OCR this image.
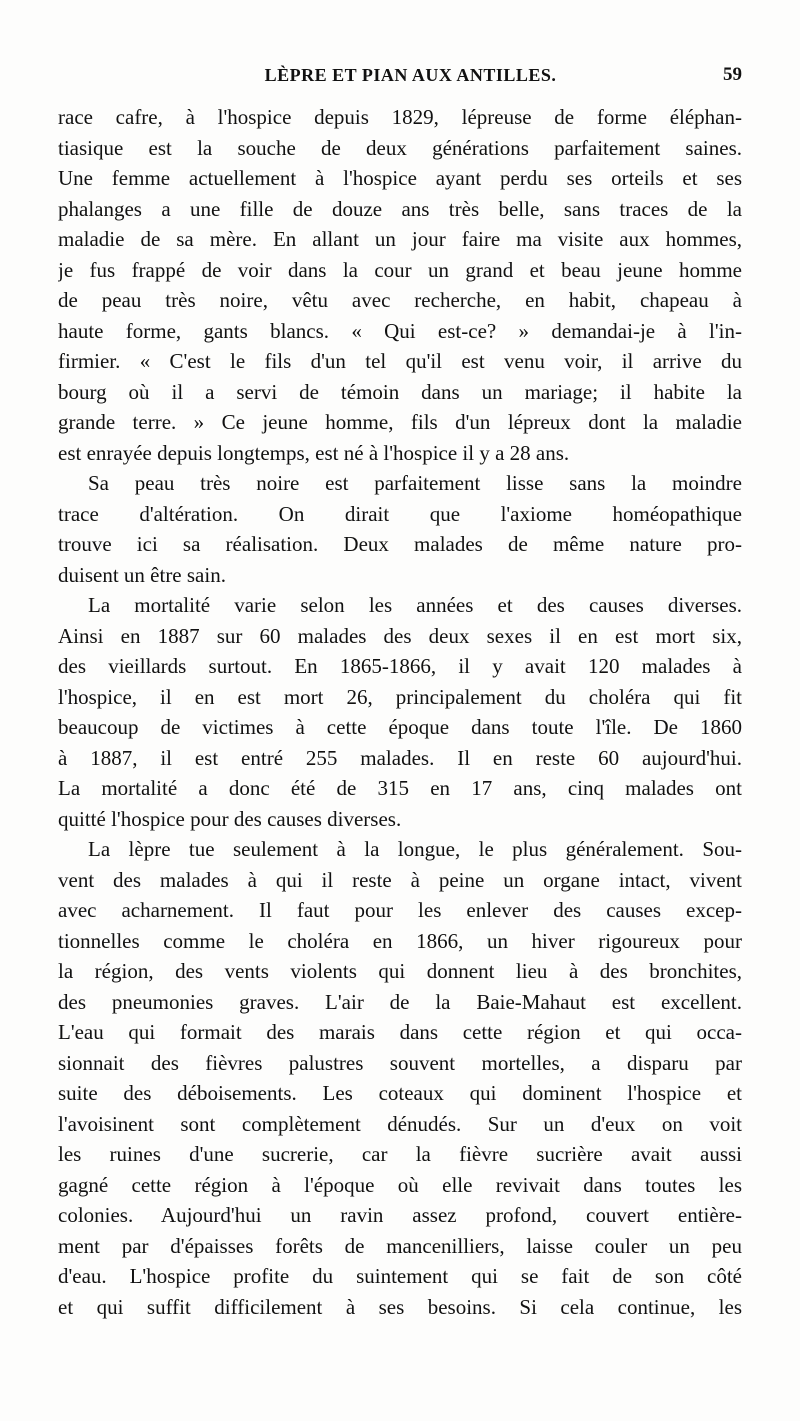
LÈPRE ET PIAN AUX ANTILLES.	59
race cafre, à l'hospice depuis 1829, lépreuse de forme éléphan-
tiasique est la souche de deux générations parfaitement saines.
Une femme actuellement à l'hospice ayant perdu ses orteils et ses
phalanges a une fille de douze ans très belle, sans traces de la
maladie de sa mère. En allant un jour faire ma visite aux hommes,
je fus frappé de voir dans la cour un grand et beau jeune homme
de peau très noire, vêtu avec recherche, en habit, chapeau à
haute forme, gants blancs. « Qui est-ce? » demandai-je à l'in-
firmier. « C'est le fils d'un tel qu'il est venu voir, il arrive du
bourg où il a servi de témoin dans un mariage; il habite la
grande terre. » Ce jeune homme, fils d'un lépreux dont la maladie
est enrayée depuis longtemps, est né à l'hospice il y a 28 ans.
Sa peau très noire est parfaitement lisse sans la moindre
trace d'altération. On dirait que l'axiome homéopathique
trouve ici sa réalisation. Deux malades de même nature pro-
duisent un être sain.
La mortalité varie selon les années et des causes diverses.
Ainsi en 1887 sur 60 malades des deux sexes il en est mort six,
des vieillards surtout. En 1865-1866, il y avait 120 malades à
l'hospice, il en est mort 26, principalement du choléra qui fit
beaucoup de victimes à cette époque dans toute l'île. De 1860
à 1887, il est entré 255 malades. Il en reste 60 aujourd'hui.
La mortalité a donc été de 315 en 17 ans, cinq malades ont
quitté l'hospice pour des causes diverses.
La lèpre tue seulement à la longue, le plus généralement. Sou-
vent des malades à qui il reste à peine un organe intact, vivent
avec acharnement. Il faut pour les enlever des causes excep-
tionnelles comme le choléra en 1866, un hiver rigoureux pour
la région, des vents violents qui donnent lieu à des bronchites,
des pneumonies graves. L'air de la Baie-Mahaut est excellent.
L'eau qui formait des marais dans cette région et qui occa-
sionnait des fièvres palustres souvent mortelles, a disparu par
suite des déboisements. Les coteaux qui dominent l'hospice et
l'avoisinent sont complètement dénudés. Sur un d'eux on voit
les ruines d'une sucrerie, car la fièvre sucrière avait aussi
gagné cette région à l'époque où elle revivait dans toutes les
colonies. Aujourd'hui un ravin assez profond, couvert entière-
ment par d'épaisses forêts de mancenilliers, laisse couler un peu
d'eau. L'hospice profite du suintement qui se fait de son côté
et qui suffit difficilement à ses besoins. Si cela continue, les
